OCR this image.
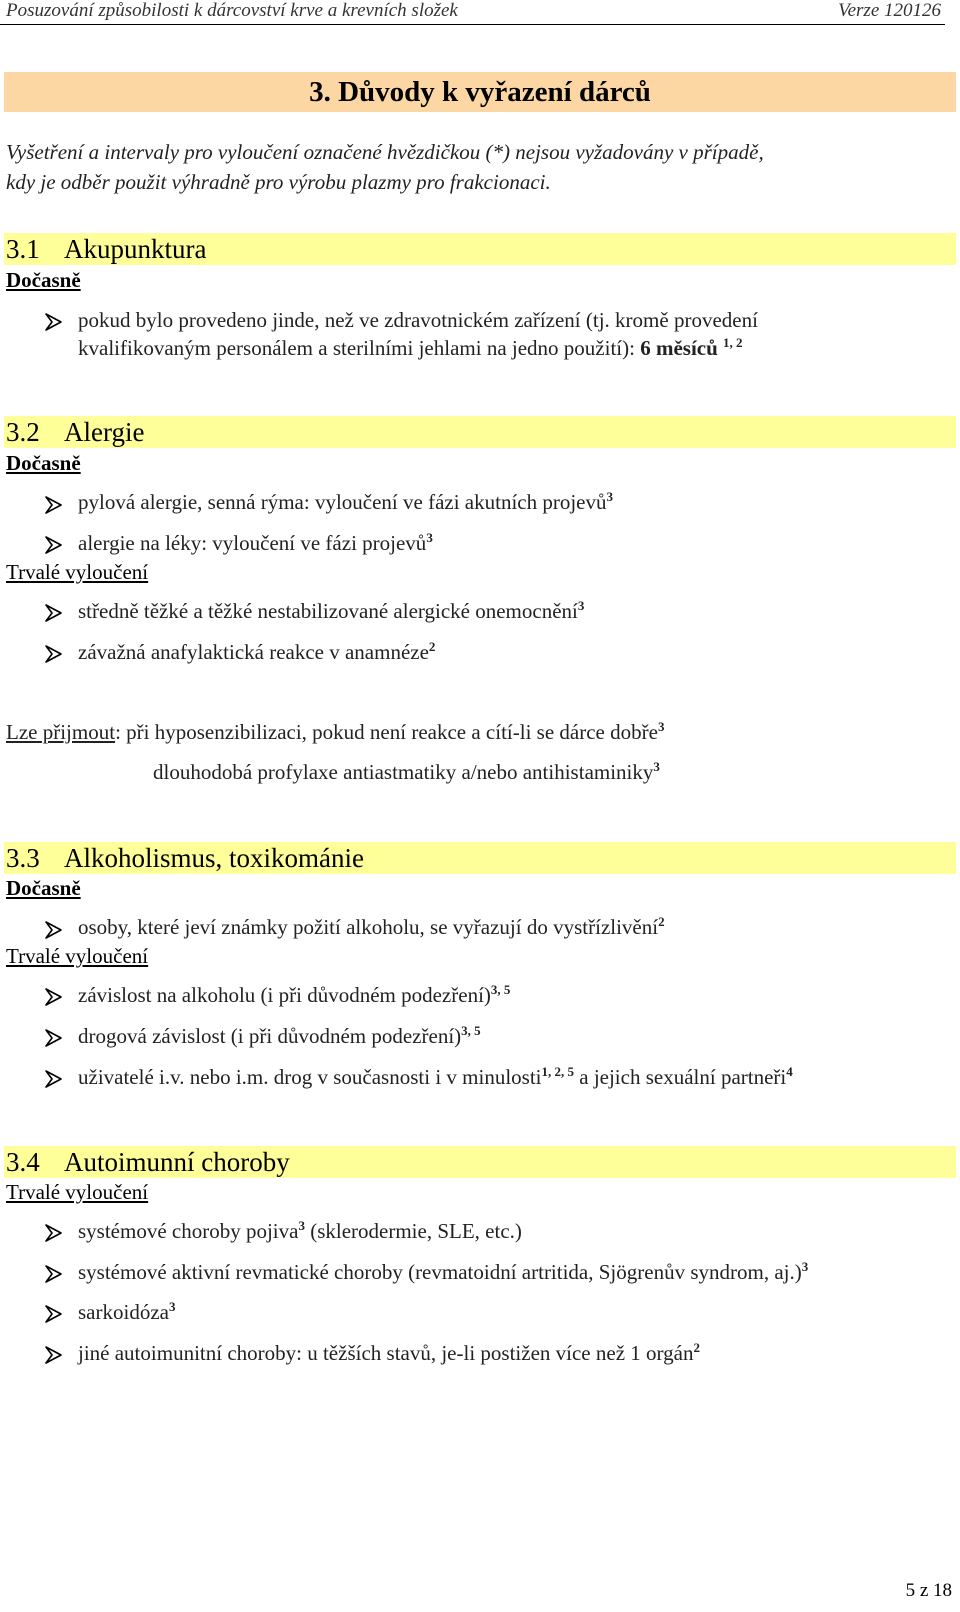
Posuzování způsobilosti k dárcovství krve a krevních složek	Verze 120126
3. Důvody k vyřazení dárců
Vyšetření a intervaly pro vyloučení označené hvězdičkou (*) nejsou vyžadovány v případě,
kdy je odběr použit výhradně pro výrobu plazmy pro frakcionaci.
3.1 Akupunktura
Dočasně
pokud bylo provedeno jinde, než ve zdravotnickém zařízení (tj. kromě provedení
kvalifikovaným personálem a sterilními jehlami na jedno použití): 6 měsíců $^{1, 2}$
3.2 Alergie
Dočasně
pylová alergie, senná rýma: vyloučení ve fázi akutních projevů$^3$
alergie na léky: vyloučení ve fázi projevů$^3$
Trvalé vyloučení
středně těžké a těžké nestabilizované alergické onemocnění$^3$
závažná anafylaktická reakce v anamnéze$^2$
Lze přijmout: při hyposenzibilizaci, pokud není reakce a cítí-li se dárce dobře$^3$
dlouhodobá profylaxe antiastmatiky a/nebo antihistaminiky$^3$
3.3 Alkoholismus, toxikománie
Dočasně
osoby, které jeví známky požití alkoholu, se vyřazují do vystřízlivění$^2$
Trvalé vyloučení
závislost na alkoholu (i při důvodném podezření)$^{3, 5}$
drogová závislost (i při důvodném podezření)$^{3, 5}$
uživatelé i.v. nebo i.m. drog v současnosti i v minulosti$^{1, 2, 5}$ a jejich sexuální partneři$^4$
3.4 Autoimunní choroby
Trvalé vyloučení
systémové choroby pojiva$^3$ (sklerodermie, SLE, etc.)
systémové aktivní revmatické choroby (revmatoidní artritida, Sjögrenův syndrom, aj.)$^3$
sarkoidóza$^3$
jiné autoimunitní choroby: u těžších stavů, je-li postižen více než 1 orgán$^2$
5 z 18
